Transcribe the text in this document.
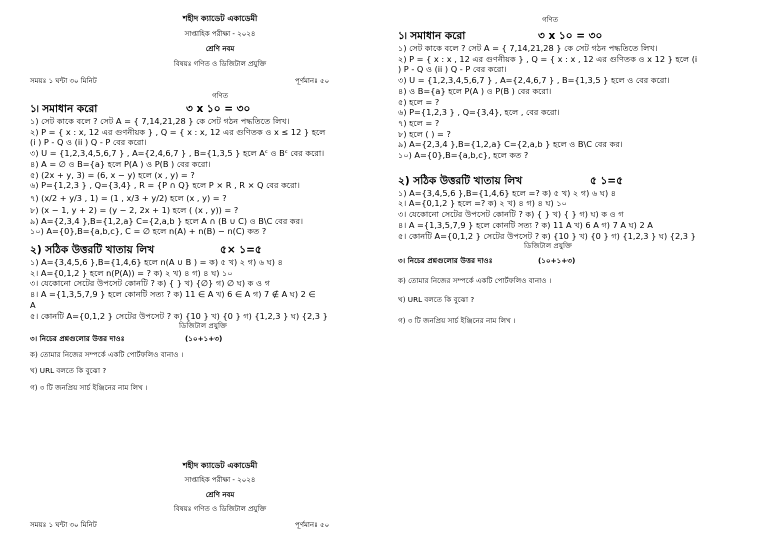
শহীদ ক্যাডেট একাডেমী
সাপ্তাহিক পরীক্ষা - ২০২৪
শ্রেণি নবম
বিষয়ঃ গণিত ও ডিজিটাল প্রযুক্তি
সময়ঃ ১ ঘন্টা ৩০ মিনিট	পূর্ণমানঃ ৫০
গণিত
১৷ সমাধান করো	৩ x ১০ = ৩০
১) সেট কাকে বলে ? সেট A = { 7,14,21,28 } কে সেট গঠন পদ্ধতিতে লিখ।
২) P = { x : x, 12 এর গুণনীয়ক } , Q = { x : x, 12 এর গুণিতক ও x ≤ 12 } হলে
(i ) P - Q ও (ii ) Q - P বের করো।
৩) U = {1,2,3,4,5,6,7 } , A={2,4,6,7 } , B={1,3,5 } হলে Aᶜ ও Bᶜ বের করো।
৪) A = ∅ ও B={a} হলে P(A ) ও P(B ) বের করো।
৫) (2x + y, 3) = (6, x − y) হলে (x , y) = ?
৬) P={1,2,3 } , Q={3,4} , R = {P ∩ Q} হলে P × R , R × Q বের করো।
৭) (x/2 + y/3 , 1) = (1 , x/3 + y/2) হলে (x , y) = ?
৮) (x − 1, y + 2) = (y − 2, 2x + 1) হলে ( (x , y)) = ?
৯) A={2,3,4 },B={1,2,a} C={2,a,b } হলে A ∩ (B ∪ C) ও B\C বের কর।
১০) A={0},B={a,b,c}, C = ∅ হলে n(A) + n(B) − n(C) কত ?
২) সঠিক উত্তরটি খাতায় লিখ	৫× ১=৫
১) A={3,4,5,6 },B={1,4,6} হলে n(A ∪ B ) = ক) ৫ খ) ২ গ) ৬ ঘ) ৪
২। A={0,1,2 } হলে n(P(A)) = ? ক) ২ খ) ৪ গ) ৪ ঘ) ১০
৩। যেকোনো সেটের উপসেট কোনটি ? ক) { } খ) {∅} গ) ∅ ঘ) ক ও গ
৪। A ={1,3,5,7,9 } হলে কোনটি সত্য ? ক) 11 ∈ A খ) 6 ∈ A গ) 7 ∉ A ঘ) 2 ∈
A
৫। কোনটি A={0,1,2 } সেটের উপসেট ? ক) {10 } খ) {0 } গ) {1,2,3 } ঘ) {2,3 }
ডিজিটাল প্রযুক্তি
৩। নিচের প্রশ্নগুলোর উত্তর দাওঃ	(১০+১+৩)
ক) তোমার নিজের সম্পর্কে একটি পোর্টফলিও বানাও ।
খ) URL বলতে কি বুঝো ?
গ) ৩ টি জনপ্রিয় সার্চ ইঞ্জিনের নাম লিখ ।
শহীদ ক্যাডেট একাডেমী
সাপ্তাহিক পরীক্ষা - ২০২৪
শ্রেণি নবম
বিষয়ঃ গণিত ও ডিজিটাল প্রযুক্তি
সময়ঃ ১ ঘন্টা ৩০ মিনিট	পূর্ণমানঃ ৫০
গণিত
১৷ সমাধান করো	৩ x ১০ = ৩০
১) সেট কাকে বলে ? সেট A = { 7,14,21,28 } কে সেট গঠন পদ্ধতিতে লিখ।
২) P = { x : x , 12 এর গুণনীয়ক } , Q = { x : x , 12 এর গুণিতক ও x 12 } হলে (i
) P - Q ও (ii ) Q - P বের করো।
৩) U = {1,2,3,4,5,6,7 } , A={2,4,6,7 } , B={1,3,5 } হলে ও বের করো।
৪) ও B={a} হলে P(A ) ও P(B ) বের করো।
৫) হলে = ?
৬) P={1,2,3 } , Q={3,4}, হলে , বের করো।
৭) হলে = ?
৮) হলে ( ) = ?
৯) A={2,3,4 },B={1,2,a} C={2,a,b } হলে ও B\C বের কর।
১০) A={0},B={a,b,c}, হলে কত ?
২) সঠিক উত্তরটি খাতায় লিখ	৫ ১=৫
১) A={3,4,5,6 },B={1,4,6} হলে =? ক) ৫ খ) ২ গ) ৬ ঘ) ৪
২। A={0,1,2 } হলে =? ক) ২ খ) ৪ গ) ৪ ঘ) ১০
৩। যেকোনো সেটের উপসেট কোনটি ? ক) { } খ) { } গ) ঘ) ক ও গ
৪। A ={1,3,5,7,9 } হলে কোনটি সত্য ? ক) 11 A খ) 6 A গ) 7 A ঘ) 2 A
৫। কোনটি A={0,1,2 } সেটের উপসেট ? ক) {10 } খ) {0 } গ) {1,2,3 } ঘ) {2,3 }
ডিজিটাল প্রযুক্তি
৩। নিচের প্রশ্নগুলোর উত্তর দাওঃ	(১০+১+৩)
ক) তোমার নিজের সম্পর্কে একটি পোর্টফলিও বানাও ।
খ) URL বলতে কি বুঝো ?
গ) ৩ টি জনপ্রিয় সার্চ ইঞ্জিনের নাম লিখ ।
